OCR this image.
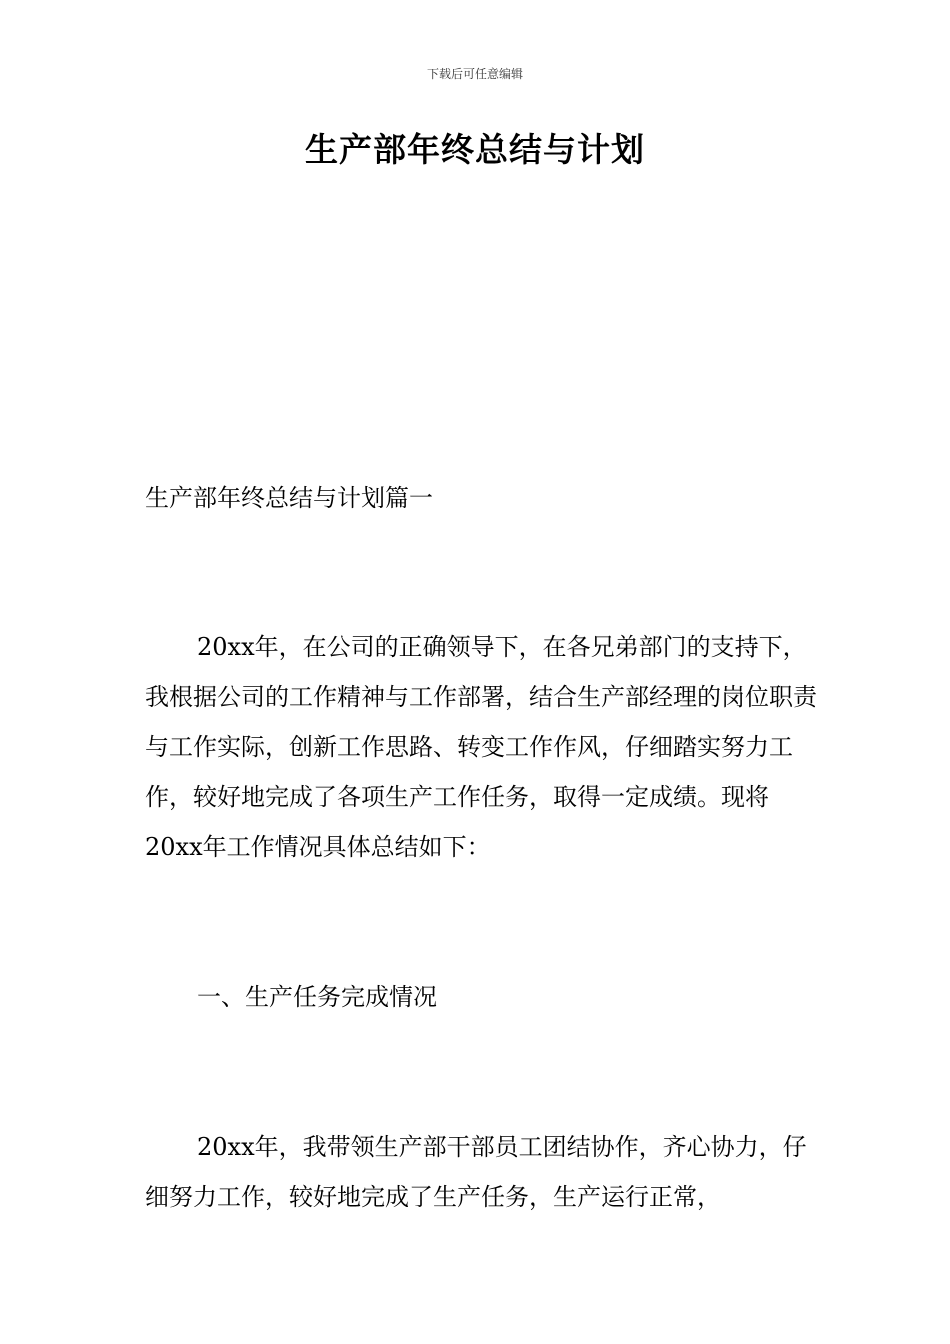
下载后可任意编辑
生产部年终总结与计划

生产部年终总结与计划篇一

20xx年，在公司的正确领导下，在各兄弟部门的支持下，我根据公司的工作精神与工作部署，结合生产部经理的岗位职责与工作实际，创新工作思路、转变工作作风，仔细踏实努力工作，较好地完成了各项生产工作任务，取得一定成绩。现将20xx年工作情况具体总结如下：

一、生产任务完成情况

20xx年，我带领生产部干部员工团结协作，齐心协力，仔细努力工作，较好地完成了生产任务，生产运行正常，
